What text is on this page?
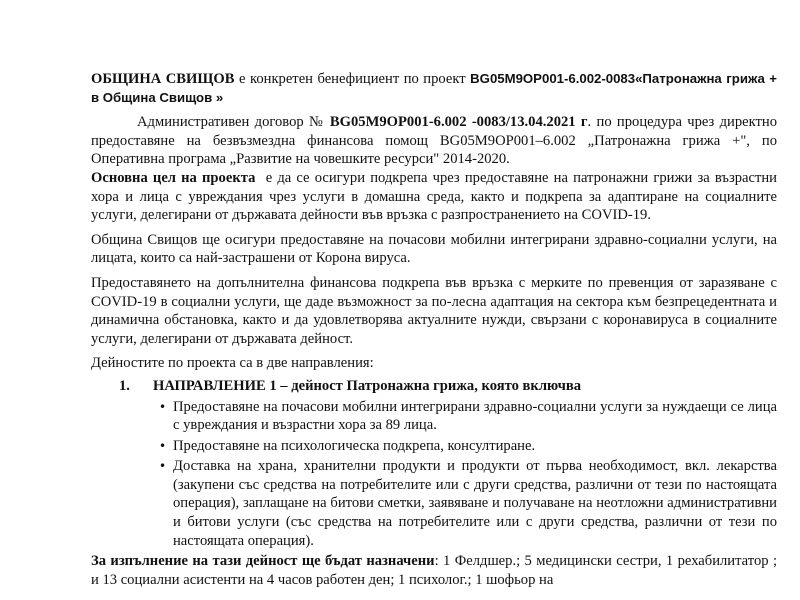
ОБЩИНА СВИЩОВ е конкретен бенефициент по проект BG05M9OP001-6.002-0083«Патронажна грижа + в Община Свищов »

Административен договор № BG05M9OP001-6.002 -0083/13.04.2021 г. по процедура чрез директно предоставяне на безвъзмездна финансова помощ BG05M9OP001–6.002 „Патронажна грижа +", по Оперативна програма „Развитие на човешките ресурси" 2014-2020.

Основна цел на проекта е да се осигури подкрепа чрез предоставяне на патронажни грижи за възрастни хора и лица с увреждания чрез услуги в домашна среда, както и подкрепа за адаптиране на социалните услуги, делегирани от държавата дейности във връзка с разпространението на COVID-19.

Община Свищов ще осигури предоставяне на почасови мобилни интегрирани здравно-социални услуги, на лицата, които са най-застрашени от Корона вируса.

Предоставянето на допълнителна финансова подкрепа във връзка с мерките по превенция от заразяване с COVID-19 в социални услуги, ще даде възможност за по-лесна адаптация на сектора към безпрецедентната и динамична обстановка, както и да удовлетворява актуалните нужди, свързани с коронавируса в социалните услуги, делегирани от държавата дейност.

Дейностите по проекта са в две направления:

1. НАПРАВЛЕНИЕ 1 – дейност Патронажна грижа, която включва
• Предоставяне на почасови мобилни интегрирани здравно-социални услуги за нуждаещи се лица с увреждания и възрастни хора за 89 лица.
• Предоставяне на психологическа подкрепа, консултиране.
• Доставка на храна, хранителни продукти и продукти от първа необходимост, вкл. лекарства (закупени със средства на потребителите или с други средства, различни от тези по настоящата операция), заплащане на битови сметки, заявяване и получаване на неотложни административни и битови услуги (със средства на потребителите или с други средства, различни от тези по настоящата операция).

За изпълнение на тази дейност ще бъдат назначени: 1 Фелдшер.; 5 медицински сестри, 1 рехабилитатор ; и 13 социални асистенти на 4 часов работен ден; 1 психолог.; 1 шофьор на
